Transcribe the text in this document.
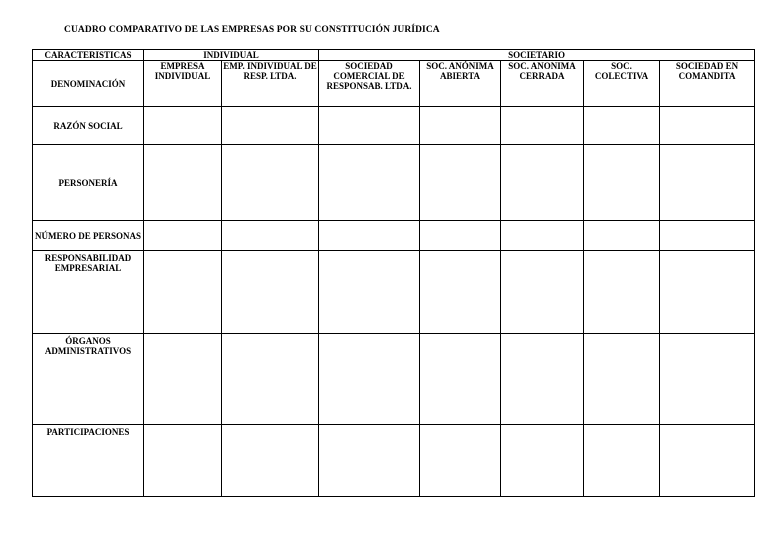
CUADRO COMPARATIVO DE LAS EMPRESAS POR SU CONSTITUCIÓN JURÍDICA
CARACTERISTICAS	INDIVIDUAL		SOCIETARIO				
DENOMINACIÓN	EMPRESA INDIVIDUAL	EMP. INDIVIDUAL DE RESP. LTDA.	SOCIEDAD COMERCIAL DE RESPONSAB. LTDA.	SOC. ANÓNIMA ABIERTA	SOC. ANONIMA CERRADA	SOC. COLECTIVA	SOCIEDAD EN COMANDITA
RAZÓN SOCIAL							
PERSONERÍA							
NÚMERO DE PERSONAS							
RESPONSABILIDAD EMPRESARIAL							
ÓRGANOS ADMINISTRATIVOS							
PARTICIPACIONES							
